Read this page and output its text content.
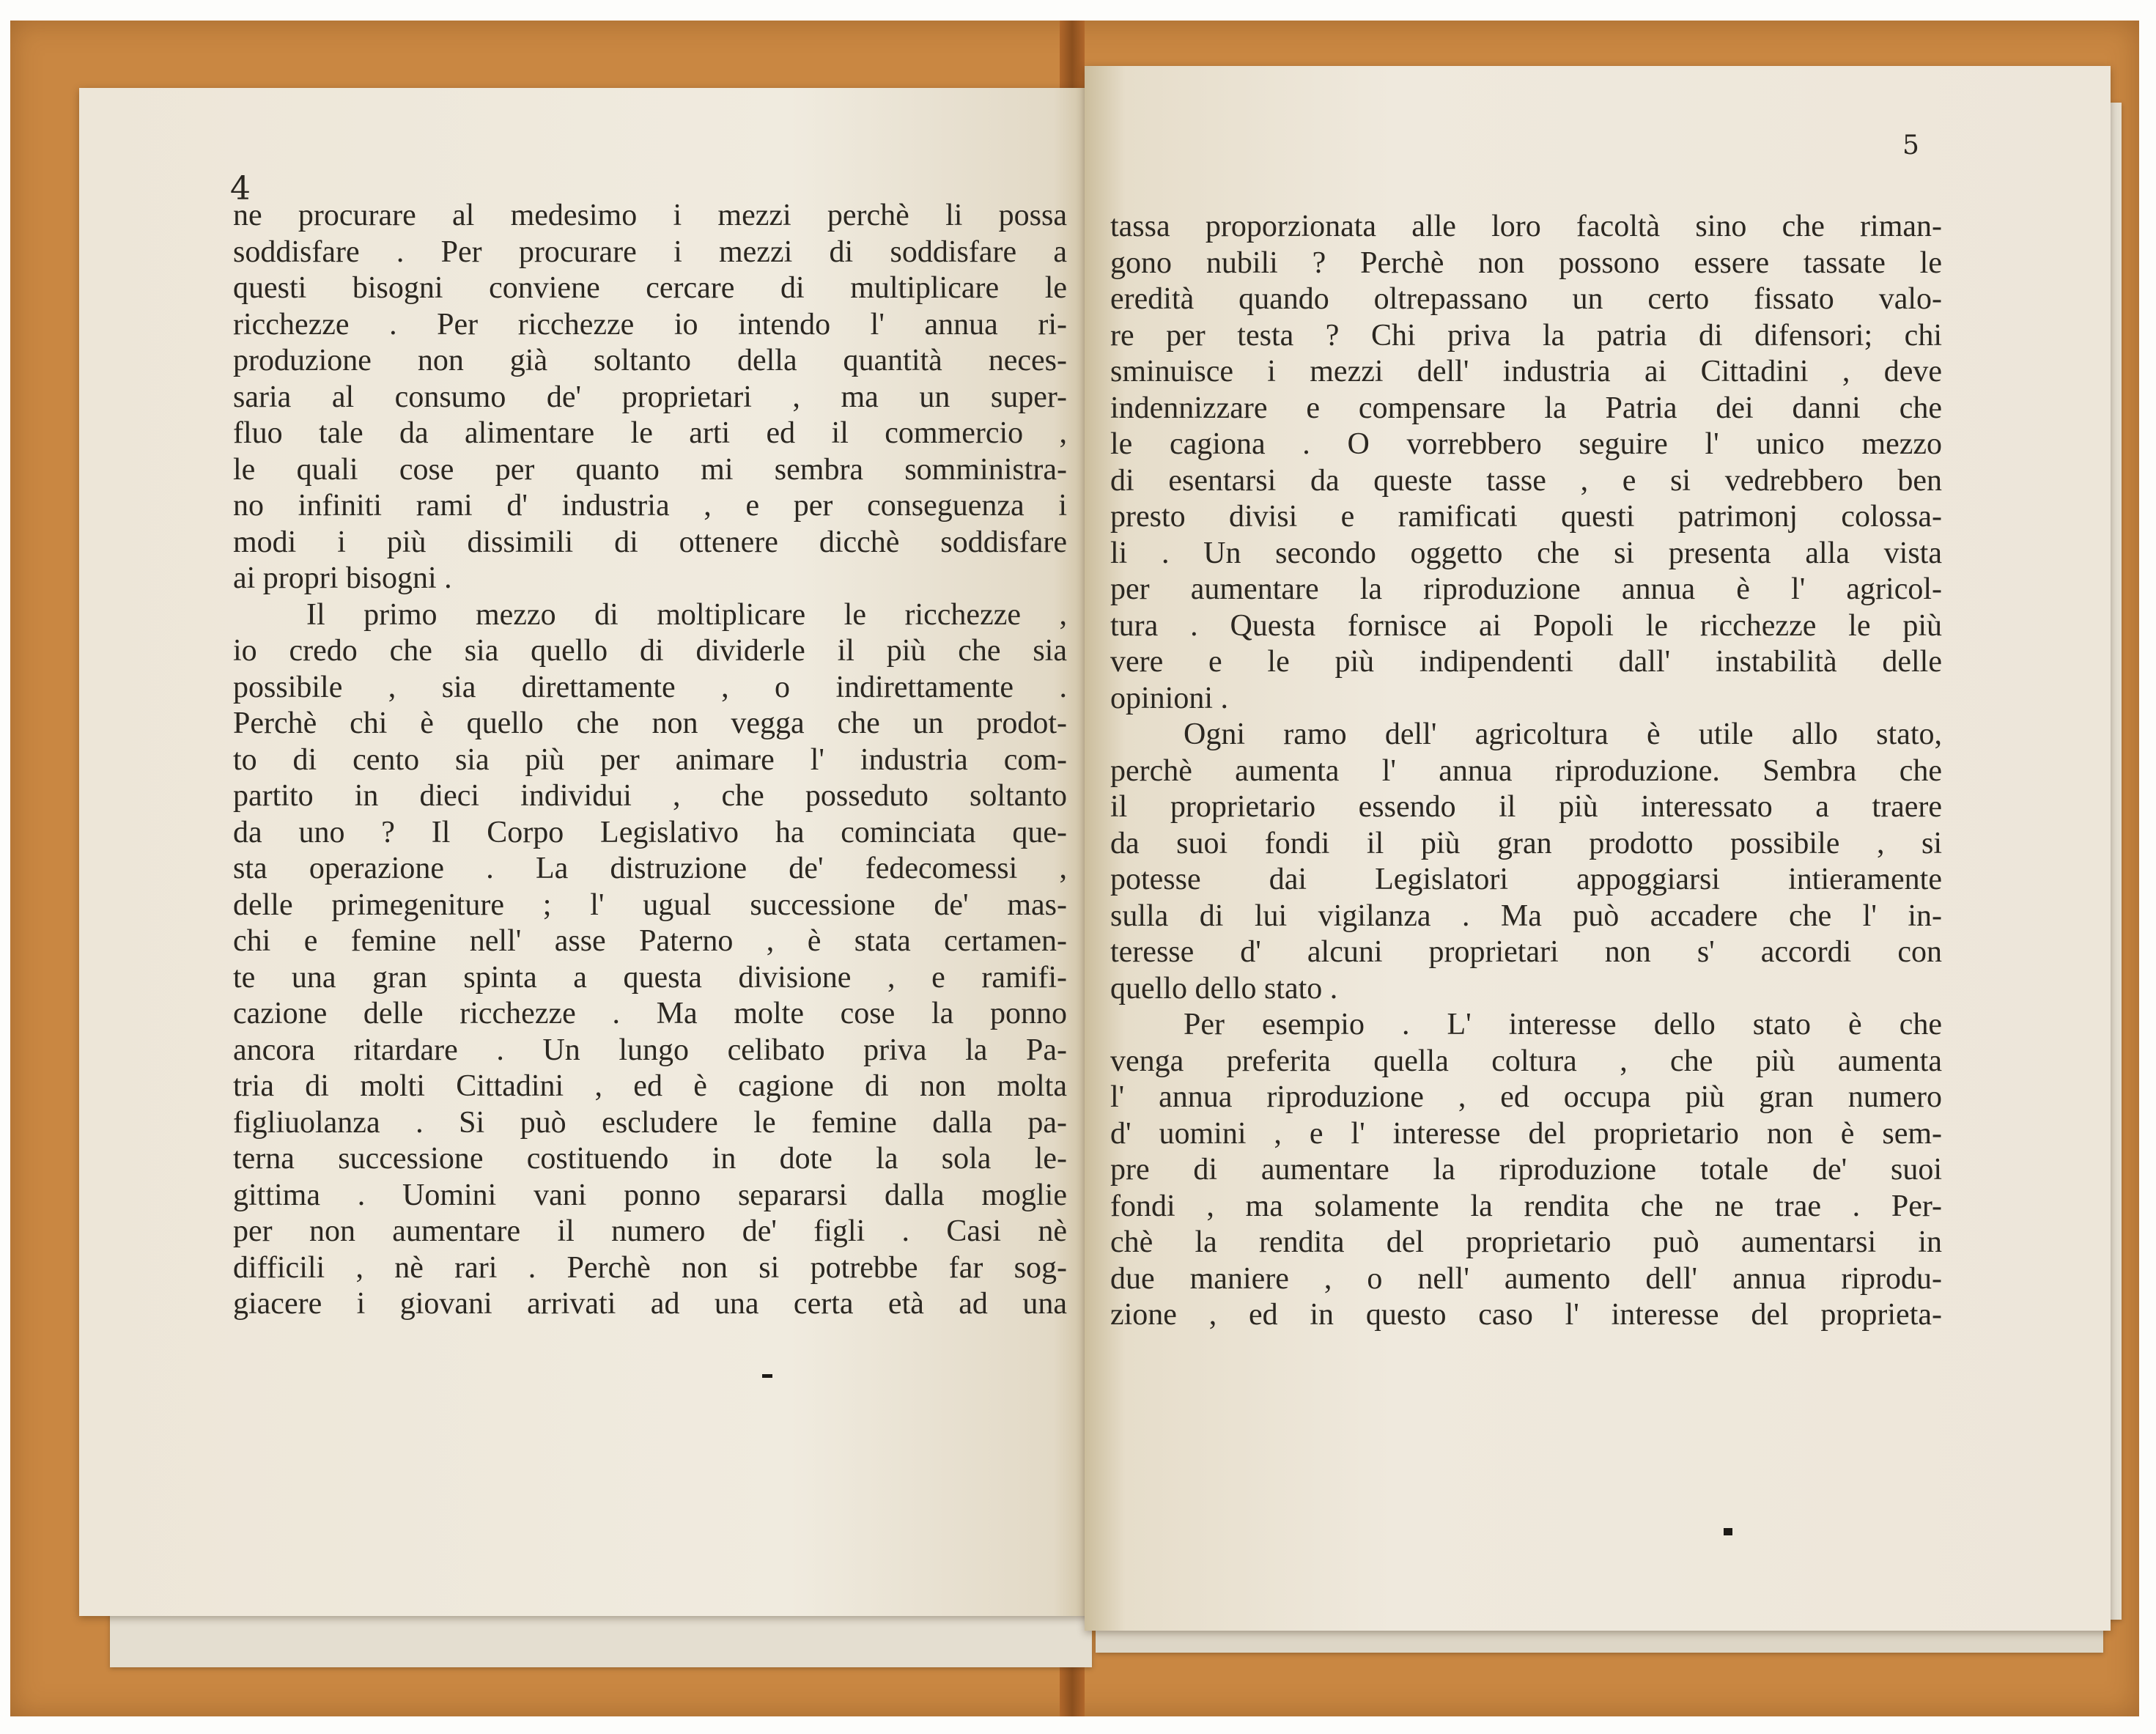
4
ne procurare al medesimo i mezzi perchè li possa
soddisfare . Per procurare i mezzi di soddisfare a
questi bisogni conviene cercare di multiplicare le
ricchezze . Per ricchezze io intendo l' annua ri-
produzione non già soltanto della quantità neces-
saria al consumo de' proprietari , ma un super-
fluo tale da alimentare le arti ed il commercio ,
le quali cose per quanto mi sembra somministra-
no infiniti rami d' industria , e per conseguenza i
modi i più dissimili di ottenere dicchè soddisfare
ai propri bisogni .
Il primo mezzo di moltiplicare le ricchezze ,
io credo che sia quello di dividerle il più che sia
possibile , sia direttamente , o indirettamente .
Perchè chi è quello che non vegga che un prodot-
to di cento sia più per animare l' industria com-
partito in dieci individui , che posseduto soltanto
da uno ? Il Corpo Legislativo ha cominciata que-
sta operazione . La distruzione de' fedecomessi ,
delle primegeniture ; l' ugual successione de' mas-
chi e femine nell' asse Paterno , è stata certamen-
te una gran spinta a questa divisione , e ramifi-
cazione delle ricchezze . Ma molte cose la ponno
ancora ritardare . Un lungo celibato priva la Pa-
tria di molti Cittadini , ed è cagione di non molta
figliuolanza . Si può escludere le femine dalla pa-
terna successione costituendo in dote la sola le-
gittima . Uomini vani ponno separarsi dalla moglie
per non aumentare il numero de' figli . Casi nè
difficili , nè rari . Perchè non si potrebbe far sog-
giacere i giovani arrivati ad una certa età ad una
5
tassa proporzionata alle loro facoltà sino che riman-
gono nubili ? Perchè non possono essere tassate le
eredità quando oltrepassano un certo fissato valo-
re per testa ? Chi priva la patria di difensori; chi
sminuisce i mezzi dell' industria ai Cittadini , deve
indennizzare e compensare la Patria dei danni che
le cagiona . O vorrebbero seguire l' unico mezzo
di esentarsi da queste tasse , e si vedrebbero ben
presto divisi e ramificati questi patrimonj colossa-
li . Un secondo oggetto che si presenta alla vista
per aumentare la riproduzione annua è l' agricol-
tura . Questa fornisce ai Popoli le ricchezze le più
vere e le più indipendenti dall' instabilità delle
opinioni .
Ogni ramo dell' agricoltura è utile allo stato,
perchè aumenta l' annua riproduzione. Sembra che
il proprietario essendo il più interessato a traere
da suoi fondi il più gran prodotto possibile , si
potesse dai Legislatori appoggiarsi intieramente
sulla di lui vigilanza . Ma può accadere che l' in-
teresse d' alcuni proprietari non s' accordi con
quello dello stato .
Per esempio . L' interesse dello stato è che
venga preferita quella coltura , che più aumenta
l' annua riproduzione , ed occupa più gran numero
d' uomini , e l' interesse del proprietario non è sem-
pre di aumentare la riproduzione totale de' suoi
fondi , ma solamente la rendita che ne trae . Per-
chè la rendita del proprietario può aumentarsi in
due maniere , o nell' aumento dell' annua riprodu-
zione , ed in questo caso l' interesse del proprieta-
